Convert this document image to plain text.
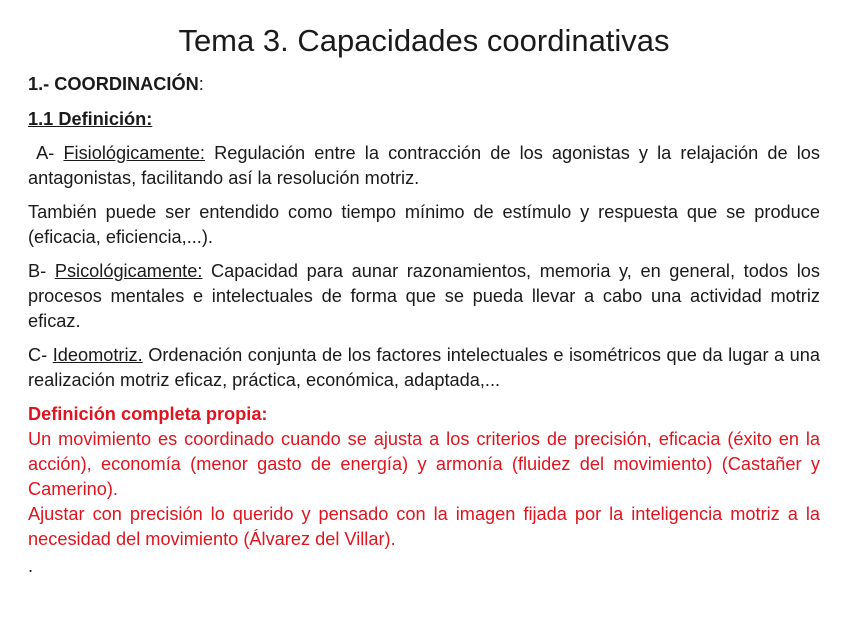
Tema 3. Capacidades coordinativas

1.- COORDINACIÓN:

1.1 Definición:

A- Fisiológicamente: Regulación entre la contracción de los agonistas y la relajación de los antagonistas, facilitando así la resolución motriz.

También puede ser entendido como tiempo mínimo de estímulo y respuesta que se produce (eficacia, eficiencia,...).

B- Psicológicamente: Capacidad para aunar razonamientos, memoria y, en general, todos los procesos mentales e intelectuales de forma que se pueda llevar a cabo una actividad motriz eficaz.

C- Ideomotriz. Ordenación conjunta de los factores intelectuales e isométricos que da lugar a una realización motriz eficaz, práctica, económica, adaptada,...

Definición completa propia:

Un movimiento es coordinado cuando se ajusta a los criterios de precisión, eficacia (éxito en la acción), economía (menor gasto de energía) y armonía (fluidez del movimiento) (Castañer y Camerino).

Ajustar con precisión lo querido y pensado con la imagen fijada por la inteligencia motriz a la necesidad del movimiento (Álvarez del Villar).

.
